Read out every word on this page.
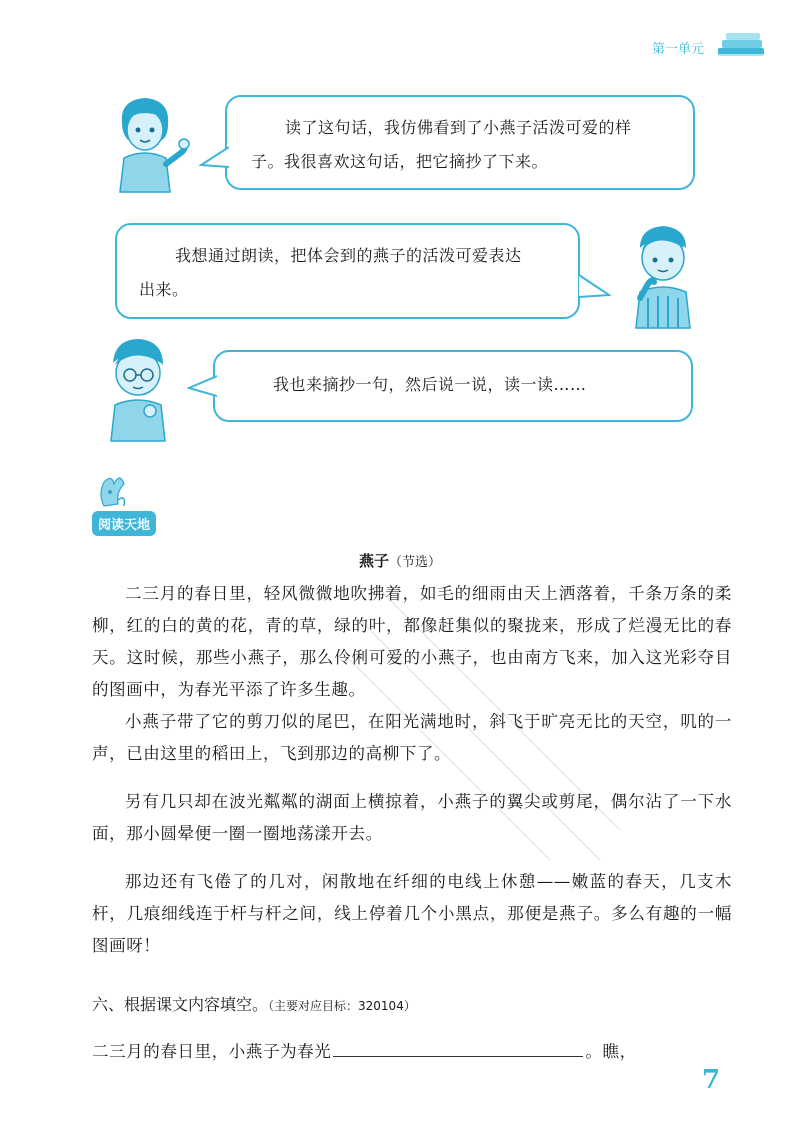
第一单元
读了这句话，我仿佛看到了小燕子活泼可爱的样
子。我很喜欢这句话，把它摘抄了下来。
我想通过朗读，把体会到的燕子的活泼可爱表达
出来。
我也来摘抄一句，然后说一说，读一读……
阅读天地
燕子（节选）
二三月的春日里，轻风微微地吹拂着，如毛的细雨由天上洒落着，千条万条的柔柳，红的白的黄的花，青的草，绿的叶，都像赶集似的聚拢来，形成了烂漫无比的春天。这时候，那些小燕子，那么伶俐可爱的小燕子，也由南方飞来，加入这光彩夺目的图画中，为春光平添了许多生趣。
小燕子带了它的剪刀似的尾巴，在阳光满地时，斜飞于旷亮无比的天空，叽的一声，已由这里的稻田上，飞到那边的高柳下了。
另有几只却在波光粼粼的湖面上横掠着，小燕子的翼尖或剪尾，偶尔沾了一下水面，那小圆晕便一圈一圈地荡漾开去。
那边还有飞倦了的几对，闲散地在纤细的电线上休憩——嫩蓝的春天，几支木杆，几痕细线连于杆与杆之间，线上停着几个小黑点，那便是燕子。多么有趣的一幅图画呀！
六、根据课文内容填空。（主要对应目标：320104）
二三月的春日里，小燕子为春光	。瞧，
7
